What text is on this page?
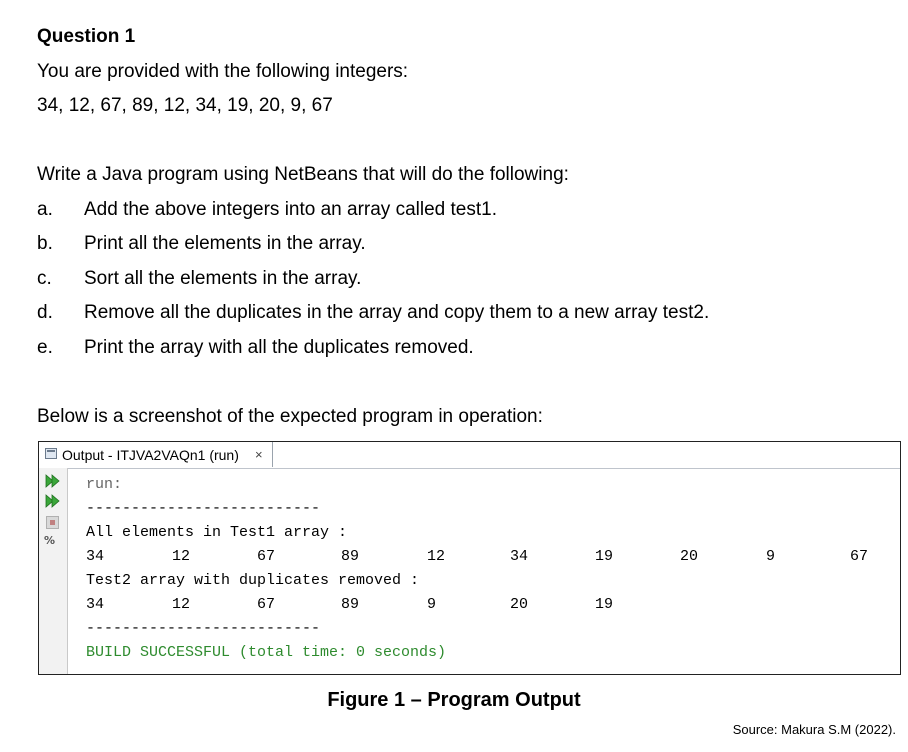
Question 1
You are provided with the following integers:
34, 12, 67, 89, 12, 34, 19, 20, 9, 67
Write a Java program using NetBeans that will do the following:
a. Add the above integers into an array called test1.
b. Print all the elements in the array.
c. Sort all the elements in the array.
d. Remove all the duplicates in the array and copy them to a new array test2.
e. Print the array with all the duplicates removed.
Below is a screenshot of the expected program in operation:
Output - ITJVA2VAQn1 (run) ×
%
run:
--------------------------
All elements in Test1 array :
34	12	67	89	12	34	19	20	9	67
Test2 array with duplicates removed :
34	12	67	89	9	20	19
--------------------------
BUILD SUCCESSFUL (total time: 0 seconds)
Figure 1 – Program Output
Source: Makura S.M (2022).
